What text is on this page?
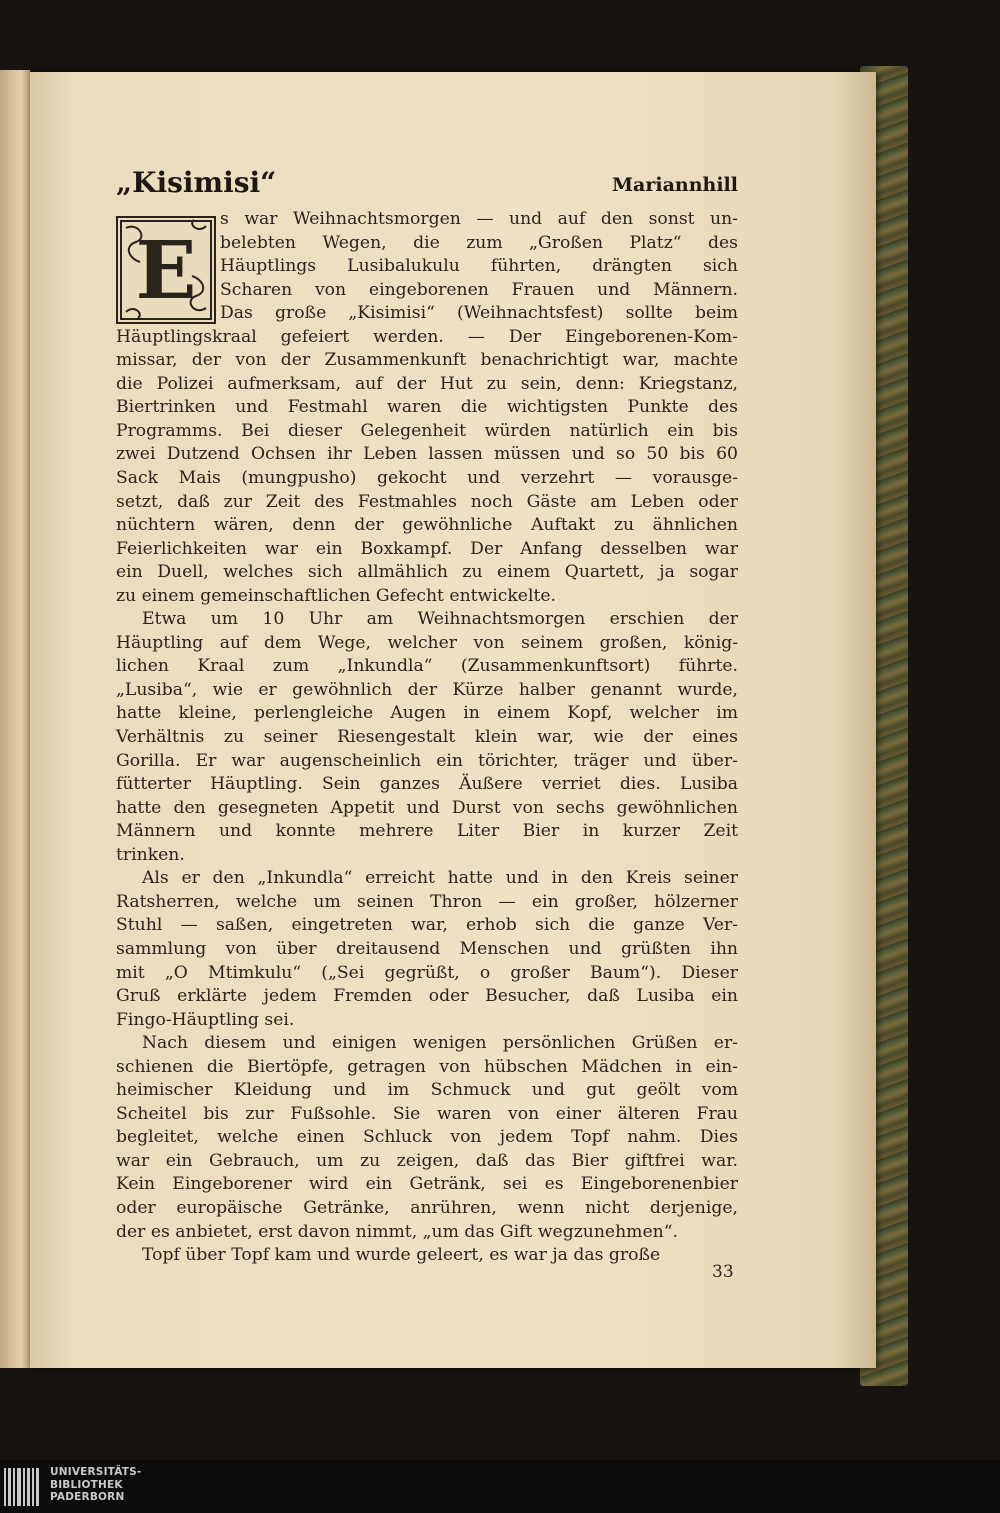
„Kisimisi“	Mariannhill
E
s war Weihnachtsmorgen — und auf den sonst un-
belebten Wegen, die zum „Großen Platz“ des
Häuptlings Lusibalukulu führten, drängten sich
Scharen von eingeborenen Frauen und Männern.
Das große „Kisimisi“ (Weihnachtsfest) sollte beim
Häuptlingskraal gefeiert werden. — Der Eingeborenen-Kom-
missar, der von der Zusammenkunft benachrichtigt war, machte
die Polizei aufmerksam, auf der Hut zu sein, denn: Kriegstanz,
Biertrinken und Festmahl waren die wichtigsten Punkte des
Programms. Bei dieser Gelegenheit würden natürlich ein bis
zwei Dutzend Ochsen ihr Leben lassen müssen und so 50 bis 60
Sack Mais (mungpusho) gekocht und verzehrt — vorausge-
setzt, daß zur Zeit des Festmahles noch Gäste am Leben oder
nüchtern wären, denn der gewöhnliche Auftakt zu ähnlichen
Feierlichkeiten war ein Boxkampf. Der Anfang desselben war
ein Duell, welches sich allmählich zu einem Quartett, ja sogar
zu einem gemeinschaftlichen Gefecht entwickelte.
Etwa um 10 Uhr am Weihnachtsmorgen erschien der
Häuptling auf dem Wege, welcher von seinem großen, könig-
lichen Kraal zum „Inkundla“ (Zusammenkunftsort) führte.
„Lusiba“, wie er gewöhnlich der Kürze halber genannt wurde,
hatte kleine, perlengleiche Augen in einem Kopf, welcher im
Verhältnis zu seiner Riesengestalt klein war, wie der eines
Gorilla. Er war augenscheinlich ein törichter, träger und über-
fütterter Häuptling. Sein ganzes Äußere verriet dies. Lusiba
hatte den gesegneten Appetit und Durst von sechs gewöhnlichen
Männern und konnte mehrere Liter Bier in kurzer Zeit
trinken.
Als er den „Inkundla“ erreicht hatte und in den Kreis seiner
Ratsherren, welche um seinen Thron — ein großer, hölzerner
Stuhl — saßen, eingetreten war, erhob sich die ganze Ver-
sammlung von über dreitausend Menschen und grüßten ihn
mit „O Mtimkulu“ („Sei gegrüßt, o großer Baum“). Dieser
Gruß erklärte jedem Fremden oder Besucher, daß Lusiba ein
Fingo-Häuptling sei.
Nach diesem und einigen wenigen persönlichen Grüßen er-
schienen die Biertöpfe, getragen von hübschen Mädchen in ein-
heimischer Kleidung und im Schmuck und gut geölt vom
Scheitel bis zur Fußsohle. Sie waren von einer älteren Frau
begleitet, welche einen Schluck von jedem Topf nahm. Dies
war ein Gebrauch, um zu zeigen, daß das Bier giftfrei war.
Kein Eingeborener wird ein Getränk, sei es Eingeborenenbier
oder europäische Getränke, anrühren, wenn nicht derjenige,
der es anbietet, erst davon nimmt, „um das Gift wegzunehmen“.
Topf über Topf kam und wurde geleert, es war ja das große
33
UNIVERSITÄTS-
BIBLIOTHEK
PADERBORN
